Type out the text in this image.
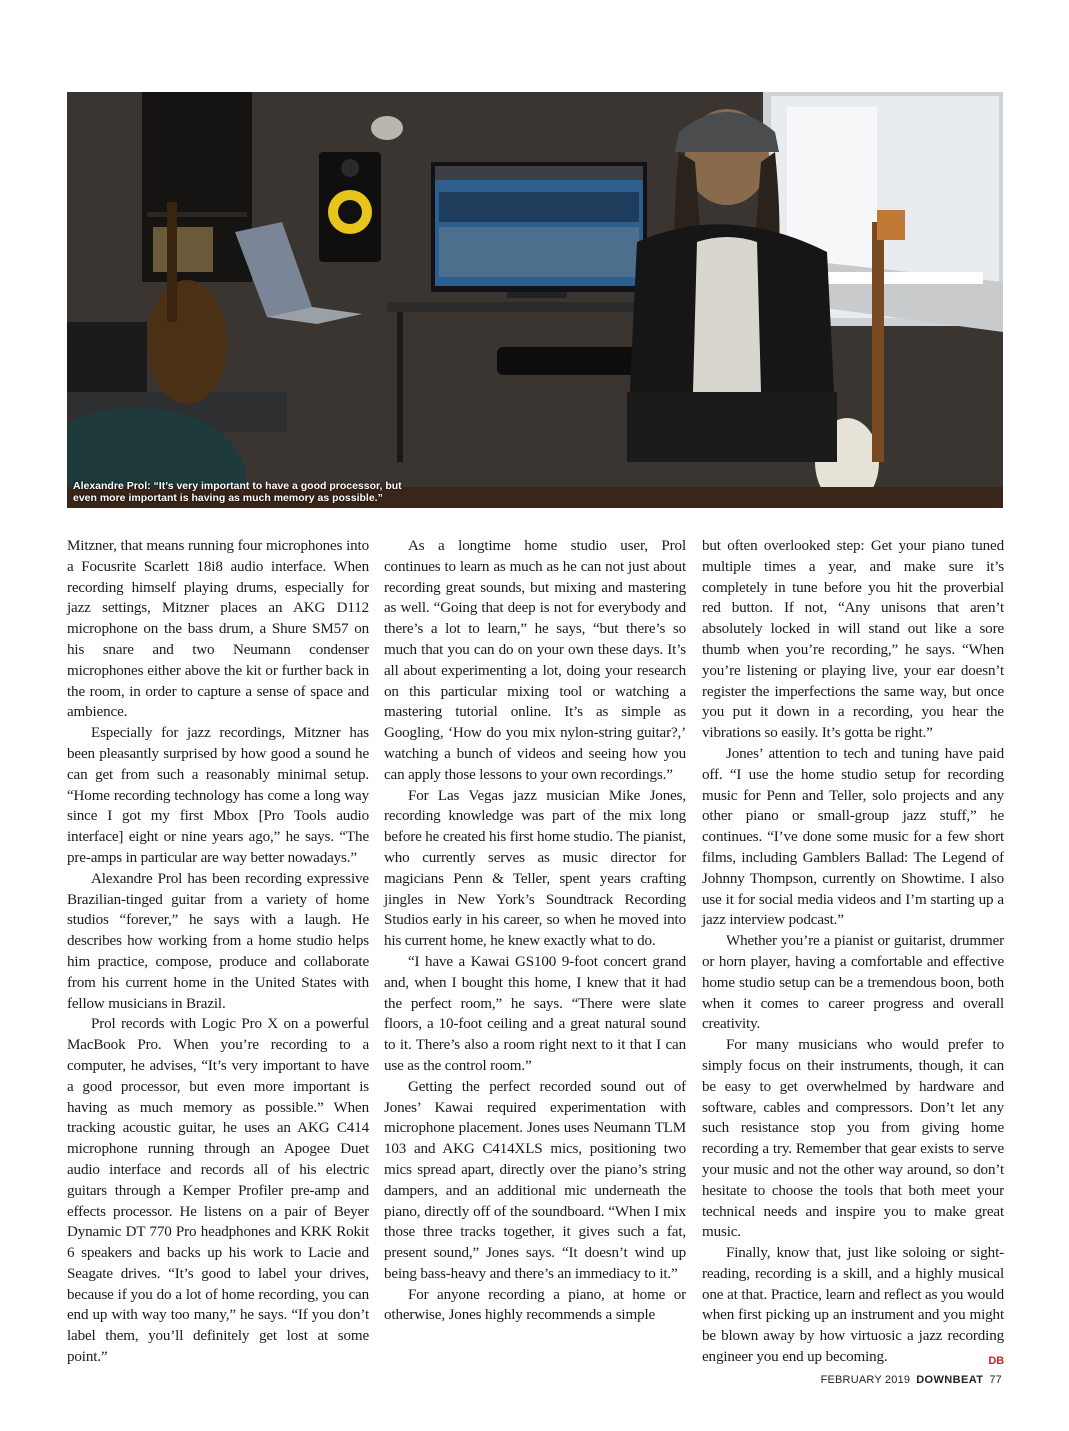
Alexandre Prol: “It’s very important to have a good processor, but
even more important is having as much memory as possible.”

Mitzner, that means running four microphones into a Focusrite Scarlett 18i8 audio interface. When recording himself playing drums, especially for jazz settings, Mitzner places an AKG D112 microphone on the bass drum, a Shure SM57 on his snare and two Neumann condenser microphones either above the kit or further back in the room, in order to capture a sense of space and ambience.

Especially for jazz recordings, Mitzner has been pleasantly surprised by how good a sound he can get from such a reasonably minimal setup. “Home recording technology has come a long way since I got my first Mbox [Pro Tools audio interface] eight or nine years ago,” he says. “The pre-amps in particular are way better nowadays.”

Alexandre Prol has been recording expressive Brazilian-tinged guitar from a variety of home studios “forever,” he says with a laugh. He describes how working from a home studio helps him practice, compose, produce and collaborate from his current home in the United States with fellow musicians in Brazil.

Prol records with Logic Pro X on a powerful MacBook Pro. When you’re recording to a computer, he advises, “It’s very important to have a good processor, but even more important is having as much memory as possible.” When tracking acoustic guitar, he uses an AKG C414 microphone running through an Apogee Duet audio interface and records all of his electric guitars through a Kemper Profiler pre-amp and effects processor. He listens on a pair of Beyer Dynamic DT 770 Pro headphones and KRK Rokit 6 speakers and backs up his work to Lacie and Seagate drives. “It’s good to label your drives, because if you do a lot of home recording, you can end up with way too many,” he says. “If you don’t label them, you’ll definitely get lost at some point.”

As a longtime home studio user, Prol continues to learn as much as he can not just about recording great sounds, but mixing and mastering as well. “Going that deep is not for everybody and there’s a lot to learn,” he says, “but there’s so much that you can do on your own these days. It’s all about experimenting a lot, doing your research on this particular mixing tool or watching a mastering tutorial online. It’s as simple as Googling, ‘How do you mix nylon-string guitar?,’ watching a bunch of videos and seeing how you can apply those lessons to your own recordings.”

For Las Vegas jazz musician Mike Jones, recording knowledge was part of the mix long before he created his first home studio. The pianist, who currently serves as music director for magicians Penn & Teller, spent years crafting jingles in New York’s Soundtrack Recording Studios early in his career, so when he moved into his current home, he knew exactly what to do.

“I have a Kawai GS100 9-foot concert grand and, when I bought this home, I knew that it had the perfect room,” he says. “There were slate floors, a 10-foot ceiling and a great natural sound to it. There’s also a room right next to it that I can use as the control room.”

Getting the perfect recorded sound out of Jones’ Kawai required experimentation with microphone placement. Jones uses Neumann TLM 103 and AKG C414XLS mics, positioning two mics spread apart, directly over the piano’s string dampers, and an additional mic underneath the piano, directly off of the soundboard. “When I mix those three tracks together, it gives such a fat, present sound,” Jones says. “It doesn’t wind up being bass-heavy and there’s an immediacy to it.”

For anyone recording a piano, at home or otherwise, Jones highly recommends a simple

but often overlooked step: Get your piano tuned multiple times a year, and make sure it’s completely in tune before you hit the proverbial red button. If not, “Any unisons that aren’t absolutely locked in will stand out like a sore thumb when you’re recording,” he says. “When you’re listening or playing live, your ear doesn’t register the imperfections the same way, but once you put it down in a recording, you hear the vibrations so easily. It’s gotta be right.”

Jones’ attention to tech and tuning have paid off. “I use the home studio setup for recording music for Penn and Teller, solo projects and any other piano or small-group jazz stuff,” he continues. “I’ve done some music for a few short films, including Gamblers Ballad: The Legend of Johnny Thompson, currently on Showtime. I also use it for social media videos and I’m starting up a jazz interview podcast.”

Whether you’re a pianist or guitarist, drummer or horn player, having a comfortable and effective home studio setup can be a tremendous boon, both when it comes to career progress and overall creativity.

For many musicians who would prefer to simply focus on their instruments, though, it can be easy to get overwhelmed by hardware and software, cables and compressors. Don’t let any such resistance stop you from giving home recording a try. Remember that gear exists to serve your music and not the other way around, so don’t hesitate to choose the tools that both meet your technical needs and inspire you to make great music.

Finally, know that, just like soloing or sight-reading, recording is a skill, and a highly musical one at that. Practice, learn and reflect as you would when first picking up an instrument and you might be blown away by how virtuosic a jazz recording engineer you end up becoming.	DB

FEBRUARY 2019 DOWNBEAT 77
